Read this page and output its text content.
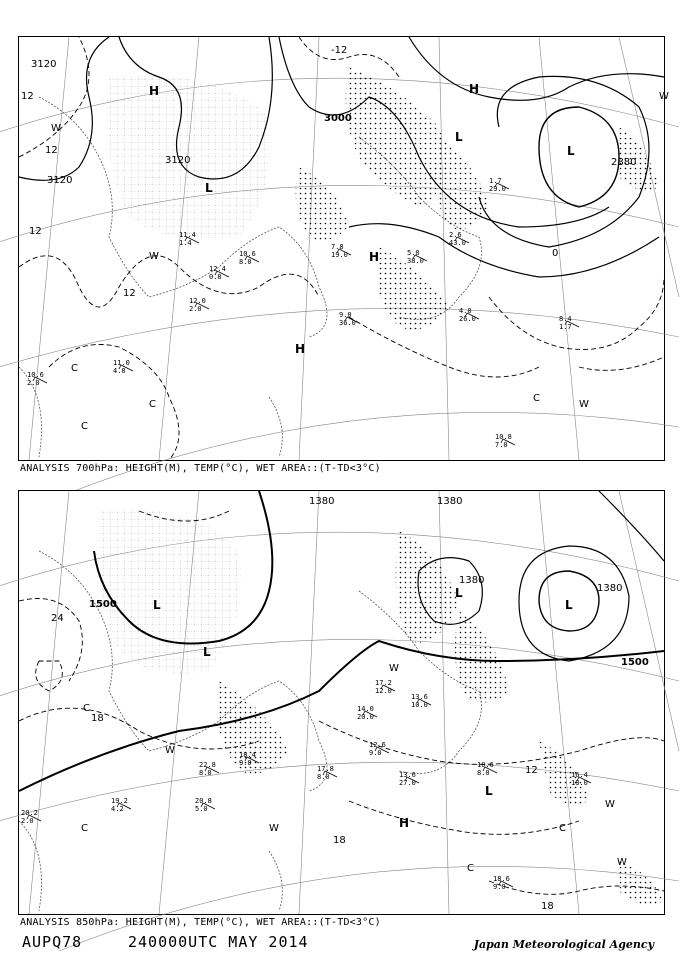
3120
3000
2880
3120
3120
12
12
12
12
0
-12
H	H
H
H
L
L
L
W
W
W
C
C
C
C
W
11.4
1.4
10.6
8.0
12.4
0.8
12.0
2.0
7.8
19.0
9.0
36.0
5.0
38.0
2.6
43.0
4.0
26.0	8.4
1.7
10.8
7.0
11.0
4.8
10.6
2.0
1.7
29.0
ANALYSIS 700hPa: HEIGHT(M), TEMP(°C), WET AREA::(T-TD<3°C)
1380	1380
1500
1500
1380
1380
24
18
18
12
18
L
L
L
L
H
L
C
W
C	W
W
C
W
C
W
17.2
12.0
13.6
10.0
14.0
20.0
12.6
9.0
13.6
27.0
10.6
8.0	16.4
18.0
22.8
8.0
18.4
9.0
20.8
5.0
19.2
4.2
20.2
2.0
18.6
9.0
17.8
8.0
ANALYSIS 850hPa: HEIGHT(M), TEMP(°C), WET AREA::(T-TD<3°C)
AUPQ78	240000UTC MAY 2014	Japan Meteorological Agency
